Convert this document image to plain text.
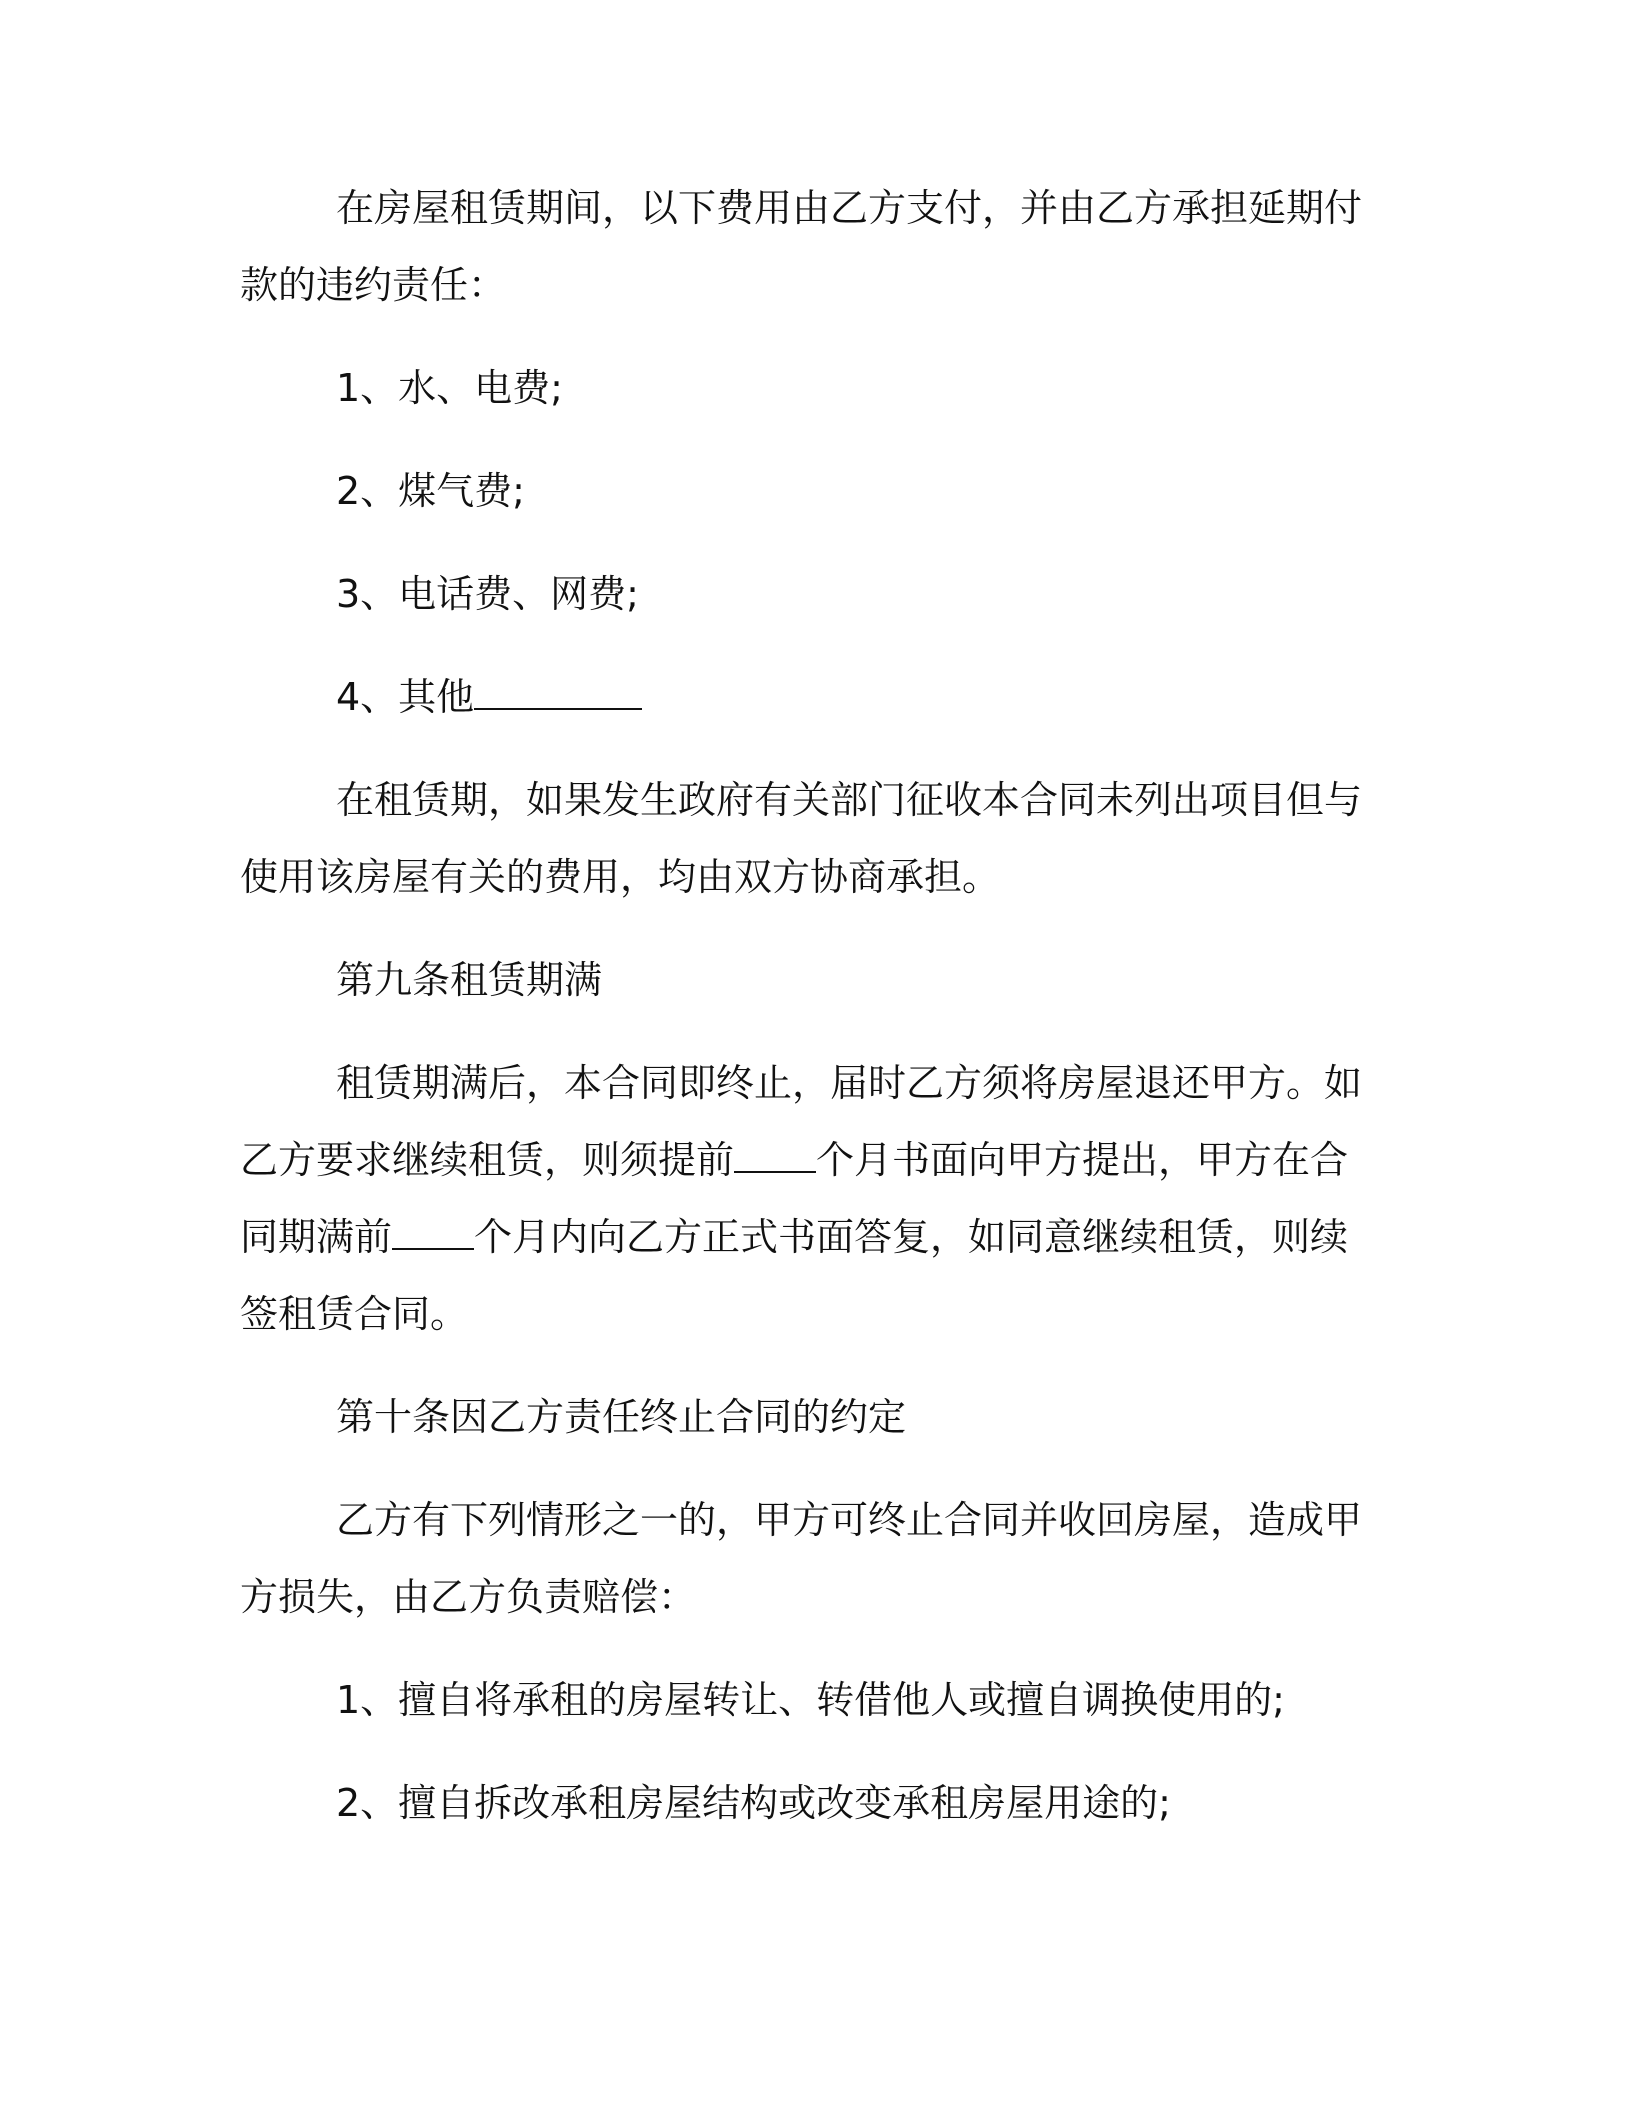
在房屋租赁期间，以下费用由乙方支付，并由乙方承担延期付款的违约责任：

1、水、电费;

2、煤气费;

3、电话费、网费;

4、其他

在租赁期，如果发生政府有关部门征收本合同未列出项目但与使用该房屋有关的费用，均由双方协商承担。

第九条租赁期满

租赁期满后，本合同即终止，届时乙方须将房屋退还甲方。如乙方要求继续租赁，则须提前 个月书面向甲方提出，甲方在合同期满前 个月内向乙方正式书面答复，如同意继续租赁，则续签租赁合同。

第十条因乙方责任终止合同的约定

乙方有下列情形之一的，甲方可终止合同并收回房屋，造成甲方损失，由乙方负责赔偿：

1、擅自将承租的房屋转让、转借他人或擅自调换使用的;

2、擅自拆改承租房屋结构或改变承租房屋用途的;
